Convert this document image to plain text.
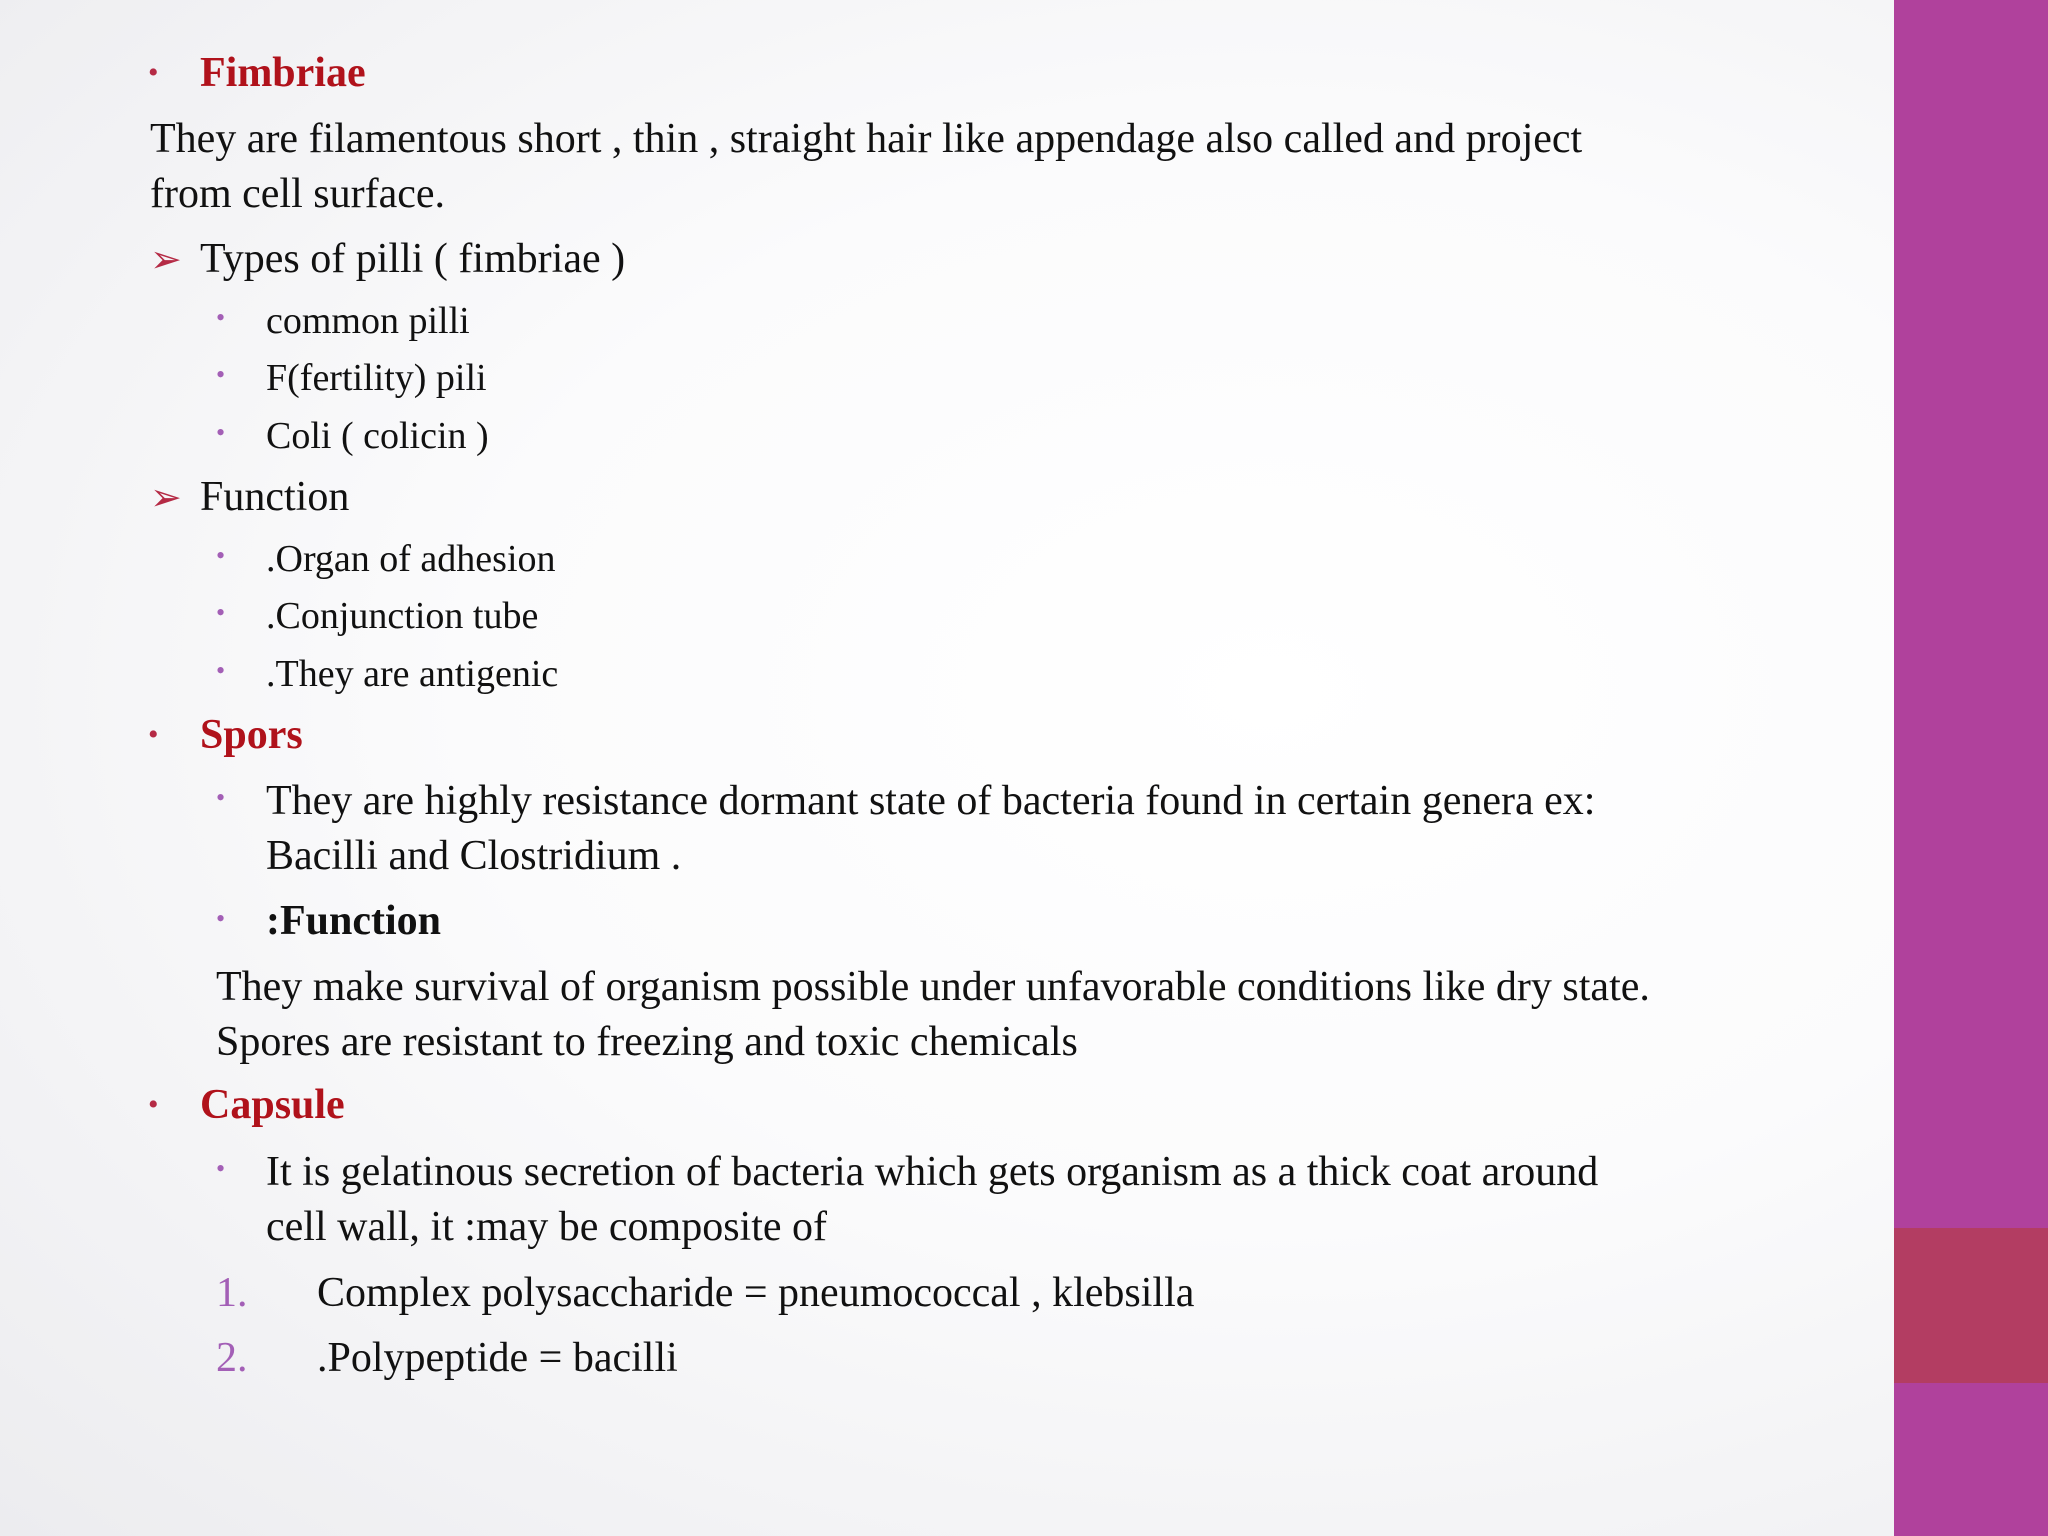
• Fimbriae
They are filamentous short , thin , straight hair like appendage also called and project
from cell surface.
➢ Types of pilli ( fimbriae )
• common pilli
• F(fertility) pili
• Coli ( colicin )
➢ Function
• .Organ of adhesion
• .Conjunction tube
• .They are antigenic
• Spors
• They are highly resistance dormant state of bacteria found in certain genera ex:
Bacilli and Clostridium .
• :Function
They make survival of organism possible under unfavorable conditions like dry state.
Spores are resistant to freezing and toxic chemicals
• Capsule
• It is gelatinous secretion of bacteria which gets organism as a thick coat around
cell wall, it :may be composite of
1. Complex polysaccharide = pneumococcal , klebsilla
2. .Polypeptide = bacilli
